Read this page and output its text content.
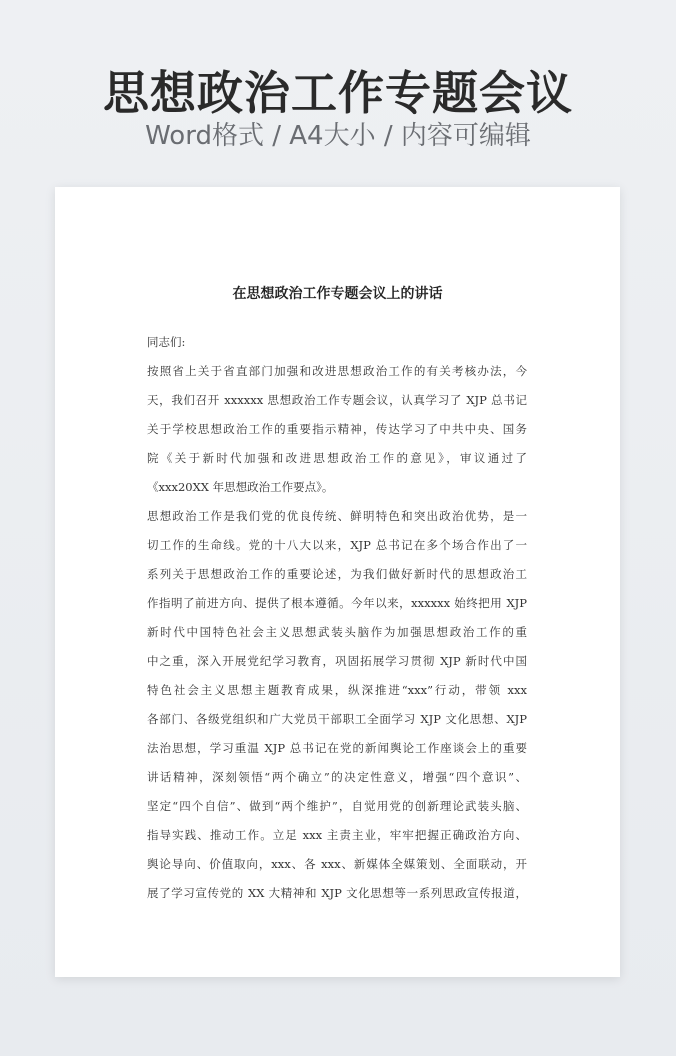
思想政治工作专题会议
Word格式 / A4大小 / 内容可编辑
在思想政治工作专题会议上的讲话
同志们:
按照省上关于省直部门加强和改进思想政治工作的有关考核办法，今
天，我们召开 xxxxxx 思想政治工作专题会议，认真学习了 XJP 总书记
关于学校思想政治工作的重要指示精神，传达学习了中共中央、国务
院《关于新时代加强和改进思想政治工作的意见》，审议通过了
《xxx20XX 年思想政治工作要点》。
思想政治工作是我们党的优良传统、鲜明特色和突出政治优势，是一
切工作的生命线。党的十八大以来，XJP 总书记在多个场合作出了一
系列关于思想政治工作的重要论述，为我们做好新时代的思想政治工
作指明了前进方向、提供了根本遵循。今年以来，xxxxxx 始终把用 XJP
新时代中国特色社会主义思想武装头脑作为加强思想政治工作的重
中之重，深入开展党纪学习教育，巩固拓展学习贯彻 XJP 新时代中国
特色社会主义思想主题教育成果，纵深推进“xxx”行动，带领 xxx
各部门、各级党组织和广大党员干部职工全面学习 XJP 文化思想、XJP
法治思想，学习重温 XJP 总书记在党的新闻舆论工作座谈会上的重要
讲话精神，深刻领悟“两个确立”的决定性意义，增强“四个意识”、
坚定“四个自信”、做到“两个维护”，自觉用党的创新理论武装头脑、
指导实践、推动工作。立足 xxx 主责主业，牢牢把握正确政治方向、
舆论导向、价值取向，xxx、各 xxx、新媒体全媒策划、全面联动，开
展了学习宣传党的 XX 大精神和 XJP 文化思想等一系列思政宣传报道，
